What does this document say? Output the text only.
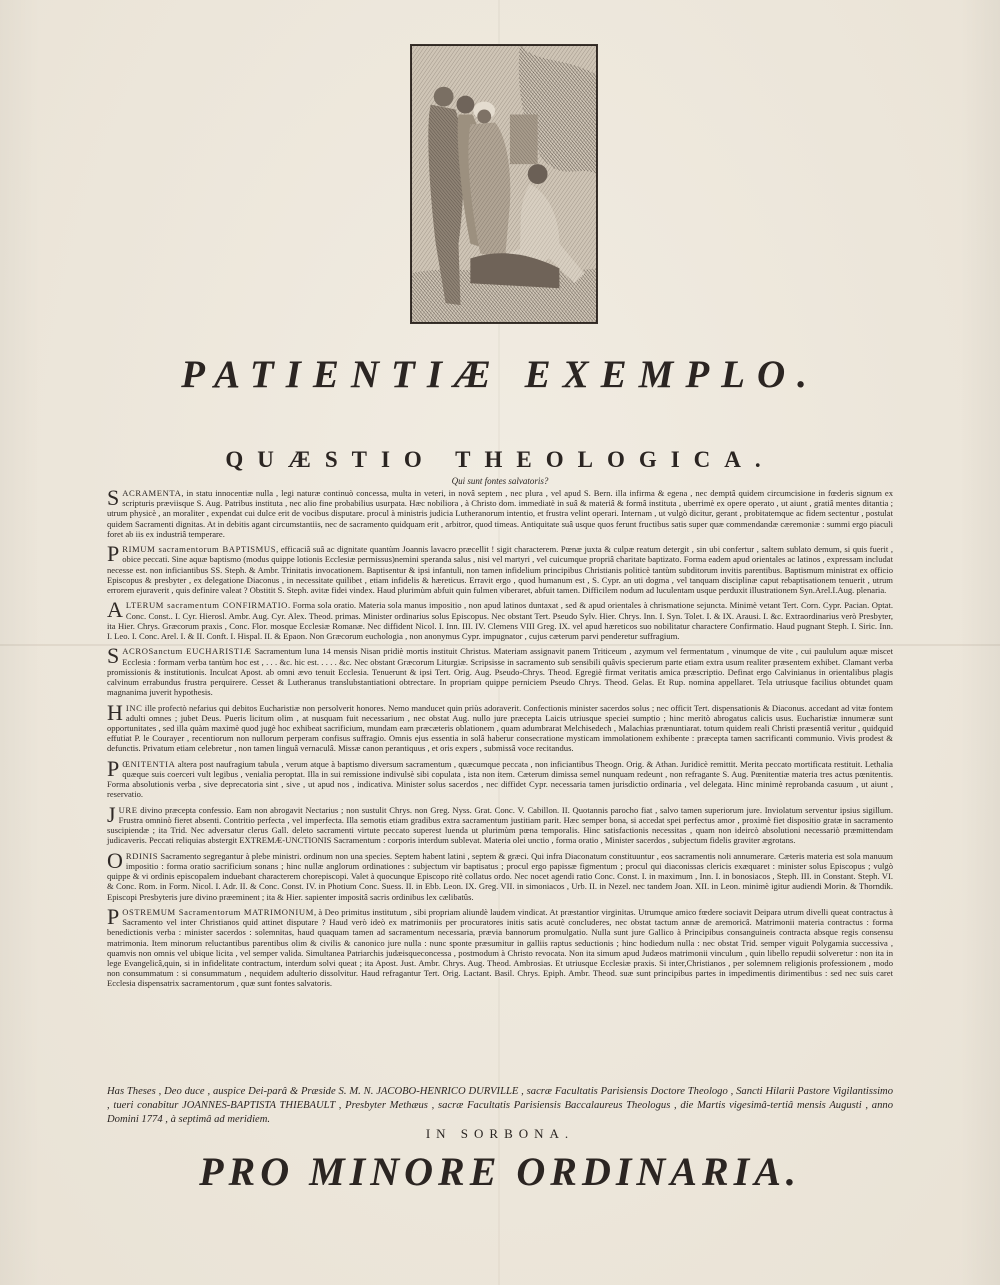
PATIENTIÆ EXEMPLO.
QUÆSTIO THEOLOGICA.

Qui sunt fontes salvatoris?

SACRAMENTA, in statu innocentiæ nulla , legi naturæ continuò concessa, multa in veteri, in novâ septem , nec plura , vel apud S. Bern. illa infirma & egena , nec demptâ quidem circumcisione in fœderis signum ex scripturis præviisque S. Aug. Patribus instituta , nec alio fine probabilius usurpata. Hæc nobiliora , à Christo dom. immediatè in suâ & materiâ & formâ instituta , uberrimè ex opere operato , ut aiunt , gratiâ mentes ditantia ; utrum physicè , an moraliter , expendat cui dulce erit de vocibus disputare. procul à ministris judicia Lutheranorum intentio, et frustra velint operari. Internam , ut vulgò dicitur, gerant , probitatemque ac fidem sectentur , postulat quidem Sacramenti dignitas. At in debitis agant circumstantiis, nec de sacramento quidquam erit , arbitror, quod timeas. Antiquitate suâ usque quos ferunt fructibus satis super quæ commendandæ cæremoniæ : summi ergo piaculi foret ab iis ex industriâ temperare.

PRIMUM sacramentorum BAPTISMUS, efficaciâ suâ ac dignitate quantùm Joannis lavacro præcellit ! sigit characterem. Pœnæ juxta & culpæ reatum detergit , sin ubi confertur , saltem sublato demum, si quis fuerit , obice peccati. Sine aquæ baptismo (modus quippe lotionis Ecclesiæ permissus)nemini speranda salus , nisi vel martyri , vel cuicumque propriâ charitate baptizato. Forma eadem apud orientales ac latinos , expressam includat necesse est. non inficiantibus SS. Steph. & Ambr. Trinitatis invocationem. Baptisentur & ipsi infantuli, non tamen infidelium principibus Christianis politicè tantùm subditorum invitis parentibus. Baptismum ministrat ex officio Episcopus & presbyter , ex delegatione Diaconus , in necessitate quilibet , etiam infidelis & hæreticus. Erravit ergo , quod humanum est , S. Cypr. an uti dogma , vel tanquam disciplinæ caput rebaptisationem tenuerit , utrum errorem ejuraverit , quis definire valeat ? Obstitit S. Steph. avitæ fidei vindex. Haud plurimùm abfuit quin fulmen viberaret, abfuit tamen. Difficilem nodum ad luculentam usque perduxit illustrationem Syn.Arel.I.Aug. plenaria.

ALTERUM sacramentum CONFIRMATIO. Forma sola oratio. Materia sola manus impositio , non apud latinos duntaxat , sed & apud orientales à chrismatione sejuncta. Minimè vetant Tert. Corn. Cypr. Pacian. Optat. Conc. Const.. I. Cyr. Hierosl. Ambr. Aug. Cyr. Alex. Theod. primas. Minister ordinarius solus Episcopus. Nec obstant Tert. Pseudo Sylv. Hier. Chrys. Inn. I. Syn. Tolet. I. & IX. Arausi. I. &c. Extraordinarius verò Presbyter, ita Hier. Chrys. Græcorum praxis , Conc. Flor. mosque Ecclesiæ Romanæ. Nec diffident Nicol. I. Inn. III. IV. Clemens VIII Greg. IX. vel apud hæreticos suo nobilitatur charactere Confirmatio. Haud pugnant Steph. I. Siric. Inn. I. Leo. I. Conc. Arel. I. & II. Conft. I. Hispal. II. & Epaon. Non Græcorum euchologia , non anonymus Cypr. impugnator , cujus cæterum parvi penderetur suffragium.

S ACROSanctum EUCHARISTIÆ Sacramentum luna 14 mensis Nisan pridiè mortis instituit Christus. Materiam assignavit panem Triticeum , azymum vel fermentatum , vinumque de vite , cui paululum aquæ miscet Ecclesia : formam verba tantùm hoc est , . . . &c. hic est. . . . . &c. Nec obstant Græcorum Liturgiæ. Scripsisse in sacramento sub sensibili quâvis specierum parte etiam extra usum realiter præsentem exhibet. Clamant verba promissionis & institutionis. Inculcat Apost. ab omni ævo tenuit Ecclesia. Tenuerunt & ipsi Tert. Orig. Aug. Pseudo-Chrys. Theod. Egregiè firmat veritatis amica præscriptio. Definat ergo Calvinianus in orientalibus plagis calvinum errabundus frustra perquirere. Cesset & Lutheranus translubstantiationi obtrectare. In propriam quippe perniciem Pseudo Chrys. Theod. Gelas. Et Rup. nomina appellaret. Tela utriusque facilius obtundet quam magnanima juverit hypothesis.

HINC ille profectò nefarius qui debitos Eucharistiæ non persolverit honores. Nemo manducet quin priùs adoraverit. Confectionis minister sacerdos solus ; nec officit Tert. dispensationis & Diaconus. accedant ad vitæ fontem adulti omnes ; jubet Deus. Pueris licitum olim , at nusquam fuit necessarium , nec obstat Aug. nullo jure præcepta Laicis utriusque speciei sumptio ; hinc meritò abrogatus calicis usus. Eucharistiæ innumeræ sunt opportunitates , sed illa quàm maximè quod jugè hoc exhibeat sacrificium, mundam eam præcæteris oblationem , quam adumbrarat Melchisedech , Malachias prænuntiarat. totum quidem reali Christi præsentiâ veritur , quidquid effutiat P. le Courayer , recentiorum non nullorum perperam confisus suffragio. Omnis ejus essentia in solâ haberur consecratione mysticam immolationem exhibente : præcepta tamen sacrificanti communio. Vivis prodest & defunctis. Privatum etiam celebretur , non tamen linguâ vernaculâ. Missæ canon perantiquus , et oris expers , submissâ voce recitandus.

PŒNITENTIA altera post naufragium tabula , verum atque à baptismo diversum sacramentum , quæcumque peccata , non inficiantibus Theogn. Orig. & Athan. Juridicè remittit. Merita peccato mortificata restituit. Lethalia quæque suis coerceri vult legibus , venialia peroptat. Illa in sui remissione indivulsè sibi copulata , ista non item. Cæterum dimissa semel nunquam redeunt , non refragante S. Aug. Pœnitentiæ materia tres actus pœnitentis. Forma absolutionis verba , sive deprecatoria sint , sive , ut apud nos , indicativa. Minister solus sacerdos , nec diffidet Cypr. necessaria tamen jurisdictio ordinaria , vel delegata. Hinc minimè reprobanda casuum , ut aiunt , reservatio.

JURE divino præcepta confessio. Eam non abrogavit Nectarius ; non sustulit Chrys. non Greg. Nyss. Grat. Conc. V. Cabillon. II. Quotannis parocho fiat , salvo tamen superiorum jure. Inviolatum serventur ipsius sigillum. Frustra omninò fieret absenti. Contritio perfecta , vel imperfecta. Illa semotis etiam gradibus extra sacramentum justitiam parit. Hæc semper bona, si accedat spei perfectus amor , proximè fiet dispositio gratæ in sacramento suscipiendæ ; ita Trid. Nec adversatur clerus Gall. deleto sacramenti virtute peccato superest luenda ut plurimùm pœna temporalis. Hinc satisfactionis necessitas , quam non ideircò absolutioni necessariò præmittendam judicaveris. Peccati reliquias abstergit EXTREMÆ-UNCTIONIS Sacramentum : corporis interdum sublevat. Materia olei unctio , forma oratio , Minister sacerdos , subjectum fidelis graviter ægrotans.

ORDINIS Sacramento segregantur à plebe ministri. ordinum non una species. Septem habent latini , septem & græci. Qui infra Diaconatum constituuntur , eos sacramentis noli annumerare. Cæteris materia est sola manuum impositio : forma oratio sacrificium sonans ; hinc nullæ anglorum ordinationes : subjectum vir baptisatus ; procul ergo papissæ figmentum ; procul qui diaconissas clericis exæquaret : minister solus Episcopus ; vulgò quippe & vi ordinis episcopalem induebant characterem chorepiscopi. Valet à quocunque Episcopo ritè collatus ordo. Nec nocet agendi ratio Conc. Const. I. in maximum , Inn. I. in bonosiacos , Steph. III. in Constant. Steph. VI. & Conc. Rom. in Form. Nicol. I. Adr. II. & Conc. Const. IV. in Photium Conc. Suess. II. in Ebb. Leon. IX. Greg. VII. in simoniacos , Urb. II. in Nezel. nec tandem Joan. XII. in Leon. minimè igitur audiendi Morin. & Thorndik. Episcopi Presbyteris jure divino præeminent ; ita & Hier. sapienter impositâ sacris ordinibus lex cælibatûs.

POSTREMUM Sacramentorum MATRIMONIUM, à Deo primitus institutum , sibi propriam aliundè laudem vindicat. At præstantior virginitas. Utrumque amico fœdere sociavit Deipara utrum divelli queat contractus à Sacramento vel inter Christianos quid attinet disputare ? Haud verò ideò ex matrimoniis per procuratores initis satis acutè concluderes, nec obstat tactum annæ de aremoricâ. Matrimonii materia contractus : forma benedictionis verba : minister sacerdos : solemnitas, haud quaquam tamen ad sacramentum necessaria, prævia bannorum promulgatio. Nulla sunt jure Gallico à Principibus consanguineis contracta absque regis consensu matrimonia. Item minorum reluctantibus parentibus olim & civilis & canonico jure nulla : nunc sponte præsumitur in galliis raptus seductionis ; hinc hodiedum nulla : nec obstat Trid. semper viguit Polygamia successiva , quamvis non omnis vel ubique licita , vel semper valida. Simultanea Patriarchis judæisqueconcessa , postmodum à Christo revocata. Non ita simum apud Judæos matrimonii vinculum , quin libello repudii solveretur : non ita in lege Evangelicâ,quin, si in infidelitate contractum, interdum solvi queat ; ita Apost. Just. Ambr. Chrys. Aug. Theod. Ambrosias. Et utriusque Ecclesiæ praxis. Si inter,Christianos , per solemnem religionis professionem , modo non consummatum : si consummatum , nequidem adulterio dissolvitur. Haud refragantur Tert. Orig. Lactant. Basil. Chrys. Epiph. Ambr. Theod. suæ sunt principibus partes in impedimentis dirimentibus : sed nec suis caret Ecclesia dispensatrix sacramentorum , quæ sunt fontes salvatoris.

Has Theses , Deo duce , auspice Dei-parâ & Præside S. M. N. JACOBO-HENRICO DURVILLE , sacræ Facultatis Parisiensis Doctore Theologo , Sancti Hilarii Pastore Vigilantissimo , tueri conabitur JOANNES-BAPTISTA THIEBAULT , Presbyter Methæus , sacræ Facultatis Parisiensis Baccalaureus Theologus , die Martis vigesimâ-tertiâ mensis Augusti , anno Domini 1774 , à septimâ ad meridiem.

IN SORBONA.

PRO MINORE ORDINARIA.
